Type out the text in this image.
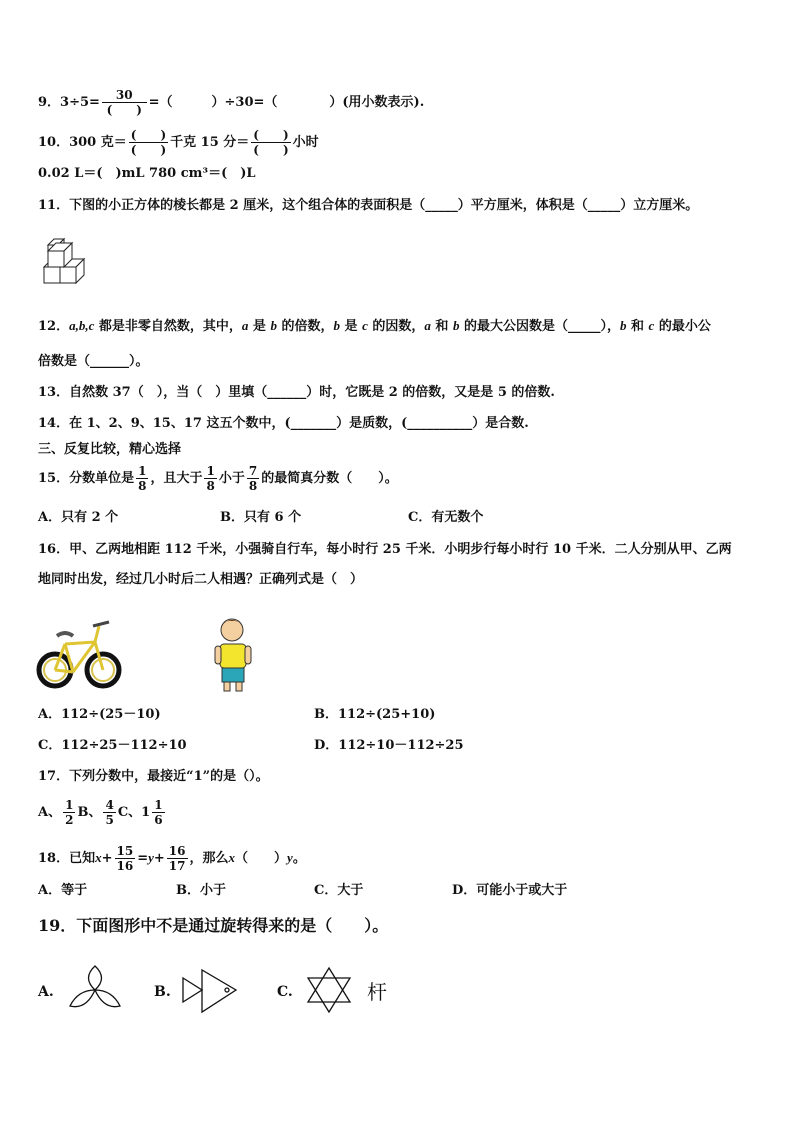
9．$3\div 5= \frac{30}{( )}$ =（　　　）÷30=（　　　　）(用小数表示).
10．300 克＝ $\frac{( )}{( )}$ 千克 15 分＝ $\frac{( )}{( )}$ 小时
0.02 L＝(　)mL 780 cm³＝(　)L
11．下图的小正方体的棱长都是 2 厘米，这个组合体的表面积是（_____）平方厘米，体积是（_____）立方厘米。
12．a,b,c 都是非零自然数，其中，a 是 b 的倍数，b 是 c 的因数，a 和 b 的最大公因数是（_____），b 和 c 的最小公
倍数是（______）。
13．自然数 37（　），当（　）里填（______）时，它既是 2 的倍数，又是是 5 的倍数.
14．在 1、2、9、15、17 这五个数中，(_______）是质数，(__________）是合数.
三、反复比较，精心选择
15．分数单位是 $\frac{1}{8}$ ，且大于 $\frac{1}{8}$ 小于 $\frac{7}{8}$ 的最简真分数（　　）。
A．只有 2 个	B．只有 6 个	C．有无数个
16．甲、乙两地相距 112 千米，小强骑自行车，每小时行 25 千米．小明步行每小时行 10 千米．二人分别从甲、乙两
地同时出发，经过几小时后二人相遇？正确列式是（　）
A．112÷(25－10)	B．112÷(25+10)
C．112÷25－112÷10	D．112÷10－112÷25
17．下列分数中，最接近“1”的是（）。
A、 $\frac{1}{2}$ B、 $\frac{4}{5}$ C、$1 \frac{1}{6}$
18．已知$x+ \frac{15}{16} =y+ \frac{16}{17}$ ，那么x（　　）y。
A．等于	B．小于	C．大于	D．可能小于或大于
19．下面图形中不是通过旋转得来的是（　　）。
A.	B.	C.	杆
